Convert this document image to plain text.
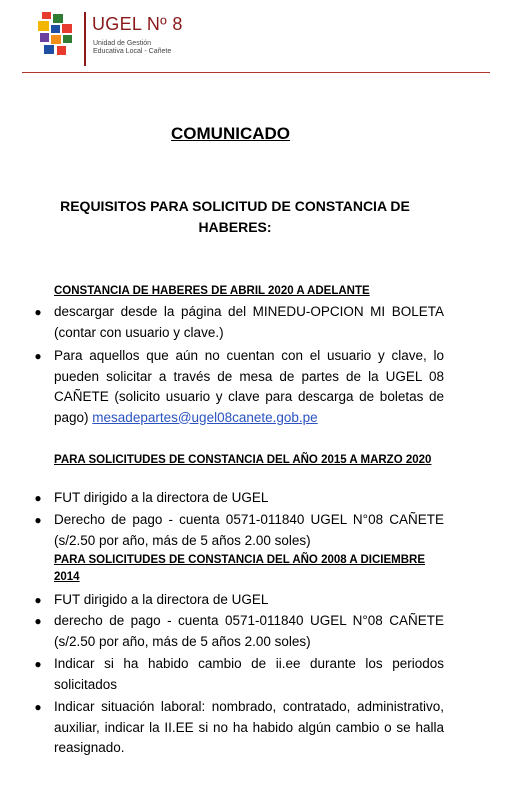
UGEL Nº 8
Unidad de Gestión
Educativa Local - Cañete
COMUNICADO
REQUISITOS PARA SOLICITUD DE CONSTANCIA DE HABERES:
CONSTANCIA DE HABERES DE ABRIL 2020 A ADELANTE
● descargar desde la página del MINEDU-OPCION MI BOLETA (contar con usuario y clave.)
● Para aquellos que aún no cuentan con el usuario y clave, lo pueden solicitar a través de mesa de partes de la UGEL 08 CAÑETE (solicito usuario y clave para descarga de boletas de pago) mesadepartes@ugel08canete.gob.pe
PARA SOLICITUDES DE CONSTANCIA DEL AÑO 2015 A MARZO 2020
● FUT dirigido a la directora de UGEL
● Derecho de pago - cuenta 0571-011840 UGEL N°08 CAÑETE (s/2.50 por año, más de 5 años 2.00 soles)
PARA SOLICITUDES DE CONSTANCIA DEL AÑO 2008 A DICIEMBRE 2014
● FUT dirigido a la directora de UGEL
● derecho de pago - cuenta 0571-011840 UGEL N°08 CAÑETE (s/2.50 por año, más de 5 años 2.00 soles)
● Indicar si ha habido cambio de ii.ee durante los periodos solicitados
● Indicar situación laboral: nombrado, contratado, administrativo, auxiliar, indicar la II.EE si no ha habido algún cambio o se halla reasignado.
